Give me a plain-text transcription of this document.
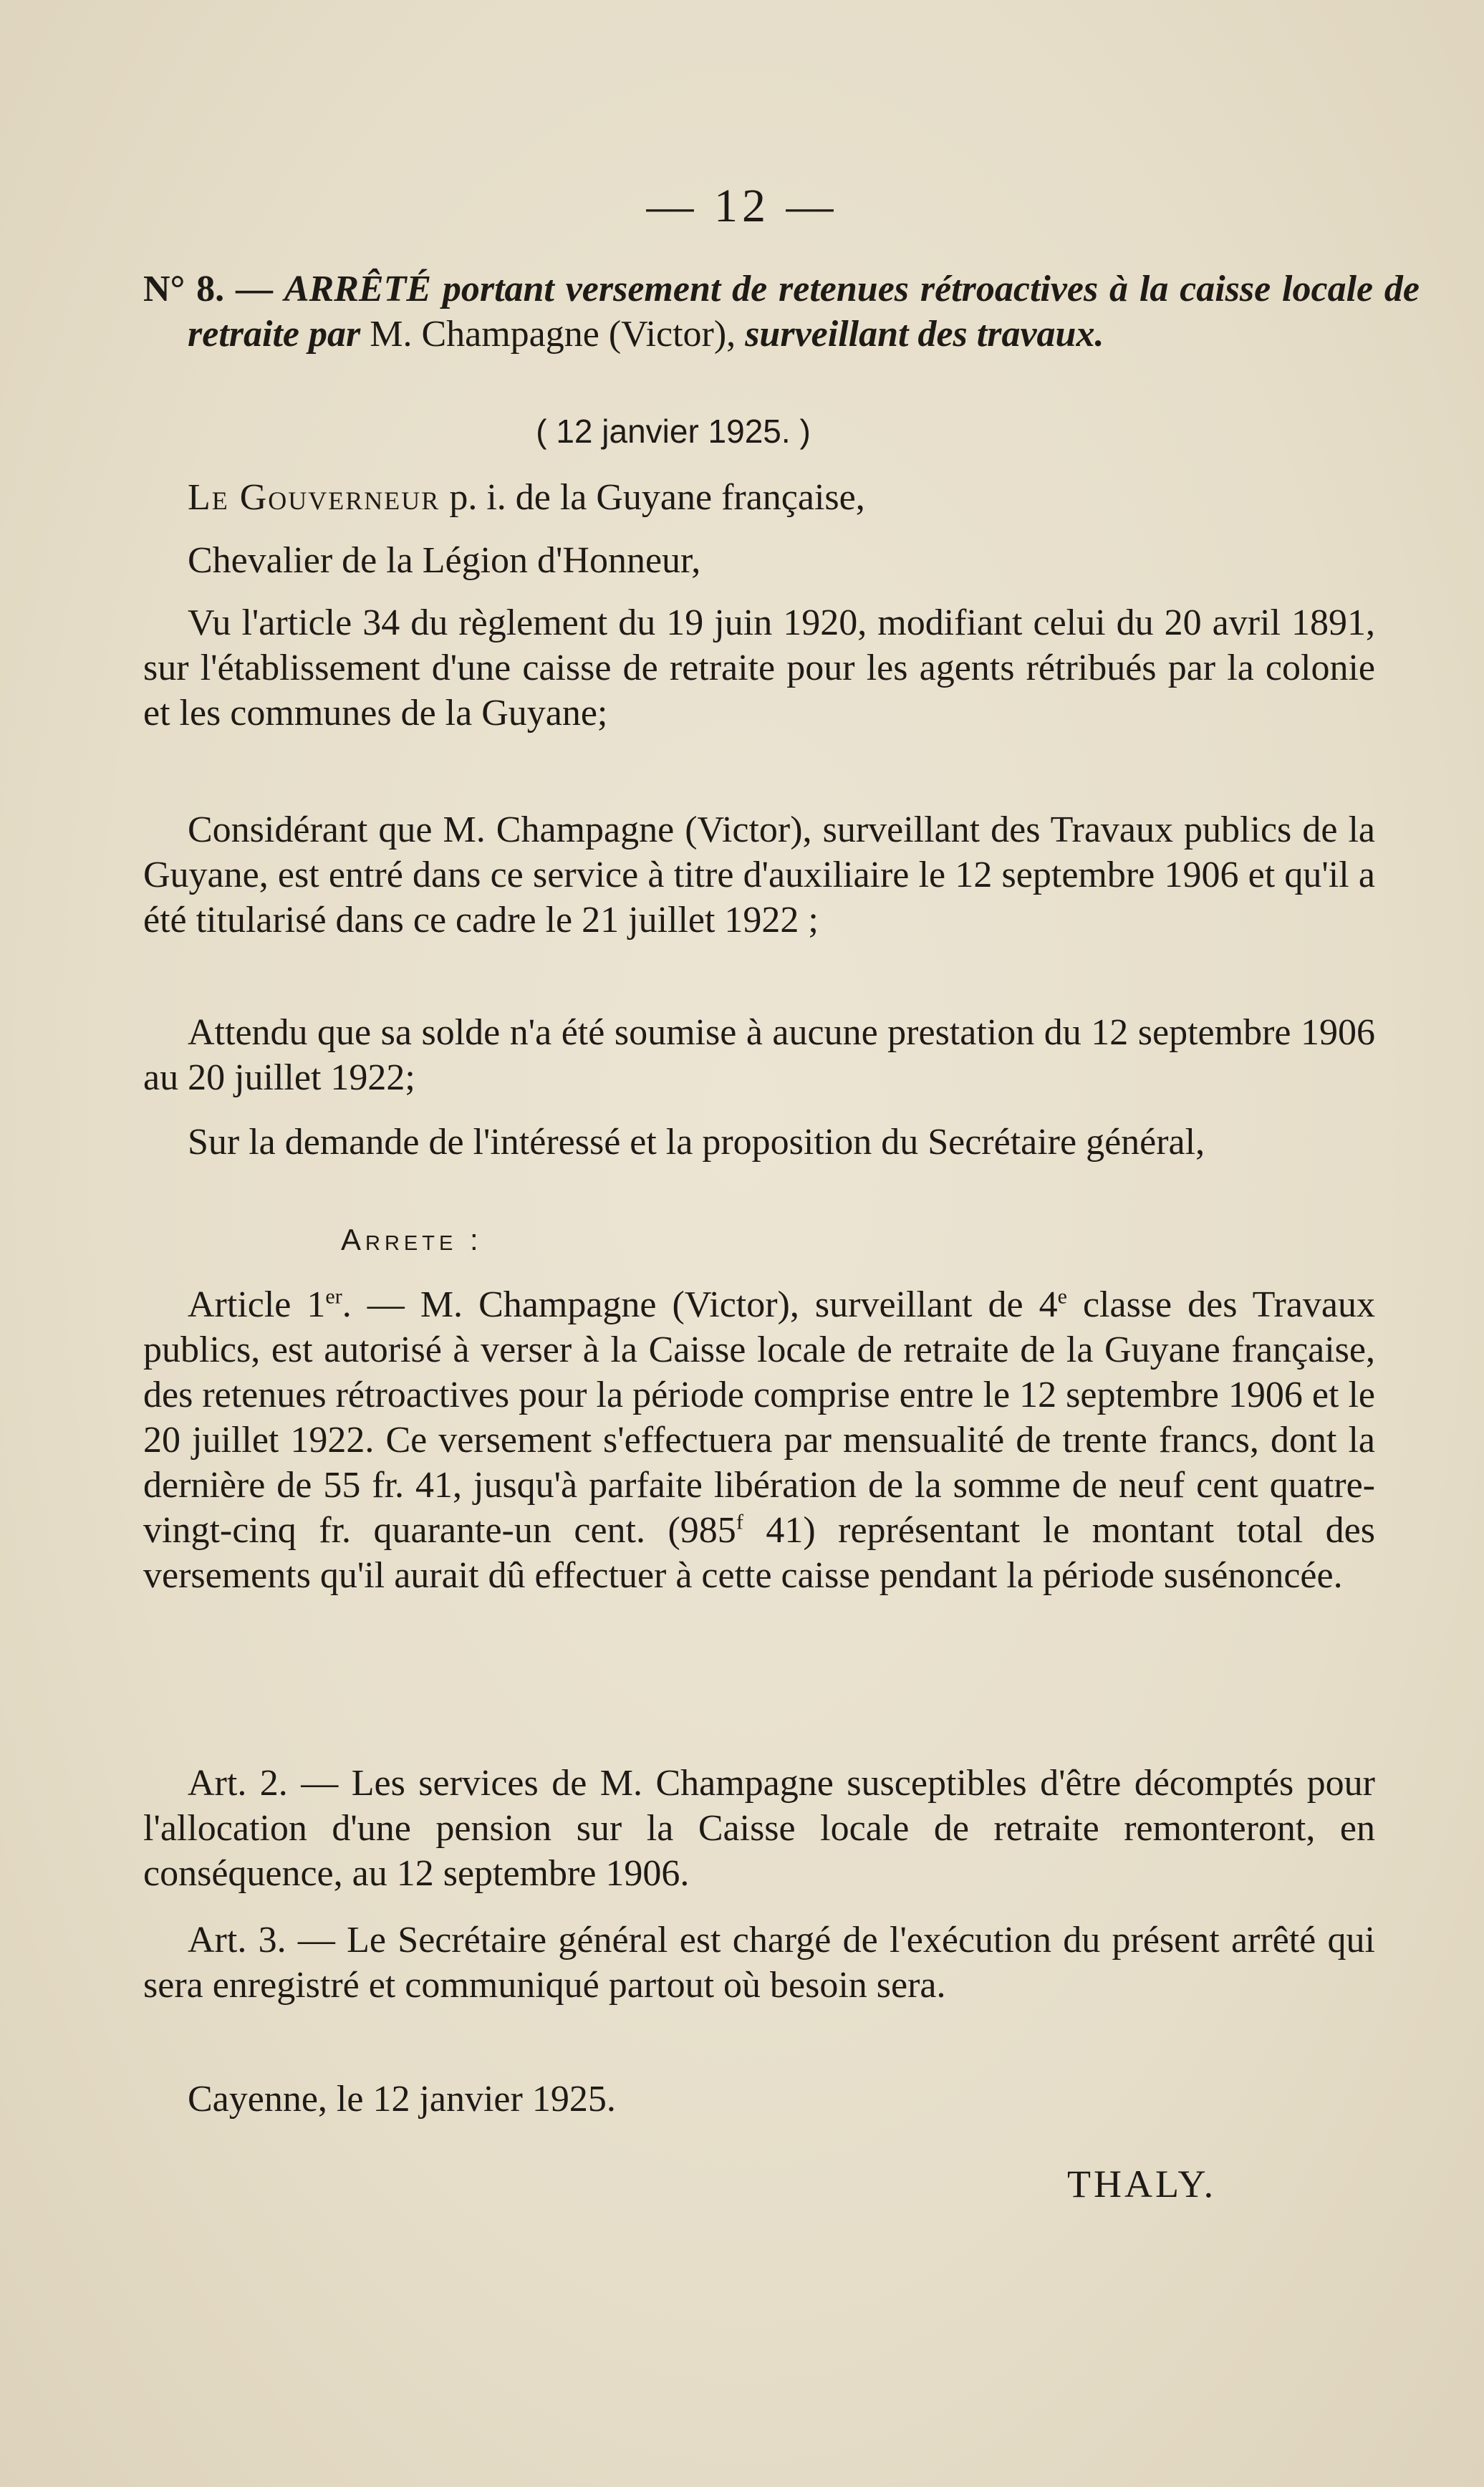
— 12 —

N° 8. — ARRÊTÉ portant versement de retenues rétroactives à la caisse locale de retraite par M. Champagne (Victor), surveillant des travaux.

( 12 janvier 1925. )

Le Gouverneur p. i. de la Guyane française,

Chevalier de la Légion d'Honneur,

Vu l'article 34 du règlement du 19 juin 1920, modifiant celui du 20 avril 1891, sur l'établissement d'une caisse de retraite pour les agents rétribués par la colonie et les communes de la Guyane;

Considérant que M. Champagne (Victor), surveillant des Travaux publics de la Guyane, est entré dans ce service à titre d'auxiliaire le 12 septembre 1906 et qu'il a été titularisé dans ce cadre le 21 juillet 1922 ;

Attendu que sa solde n'a été soumise à aucune prestation du 12 septembre 1906 au 20 juillet 1922;

Sur la demande de l'intéressé et la proposition du Secrétaire général,

Arrete :

Article 1er. — M. Champagne (Victor), surveillant de 4e classe des Travaux publics, est autorisé à verser à la Caisse locale de retraite de la Guyane française, des retenues rétroactives pour la période comprise entre le 12 septembre 1906 et le 20 juillet 1922. Ce versement s'effectuera par mensualité de trente francs, dont la dernière de 55 fr. 41, jusqu'à parfaite libération de la somme de neuf cent quatre-vingt-cinq fr. quarante-un cent. (985$^f$ 41) représentant le montant total des versements qu'il aurait dû effectuer à cette caisse pendant la période susénoncée.

Art. 2. — Les services de M. Champagne susceptibles d'être décomptés pour l'allocation d'une pension sur la Caisse locale de retraite remonteront, en conséquence, au 12 septembre 1906.

Art. 3. — Le Secrétaire général est chargé de l'exécution du présent arrêté qui sera enregistré et communiqué partout où besoin sera.

Cayenne, le 12 janvier 1925.

THALY.
